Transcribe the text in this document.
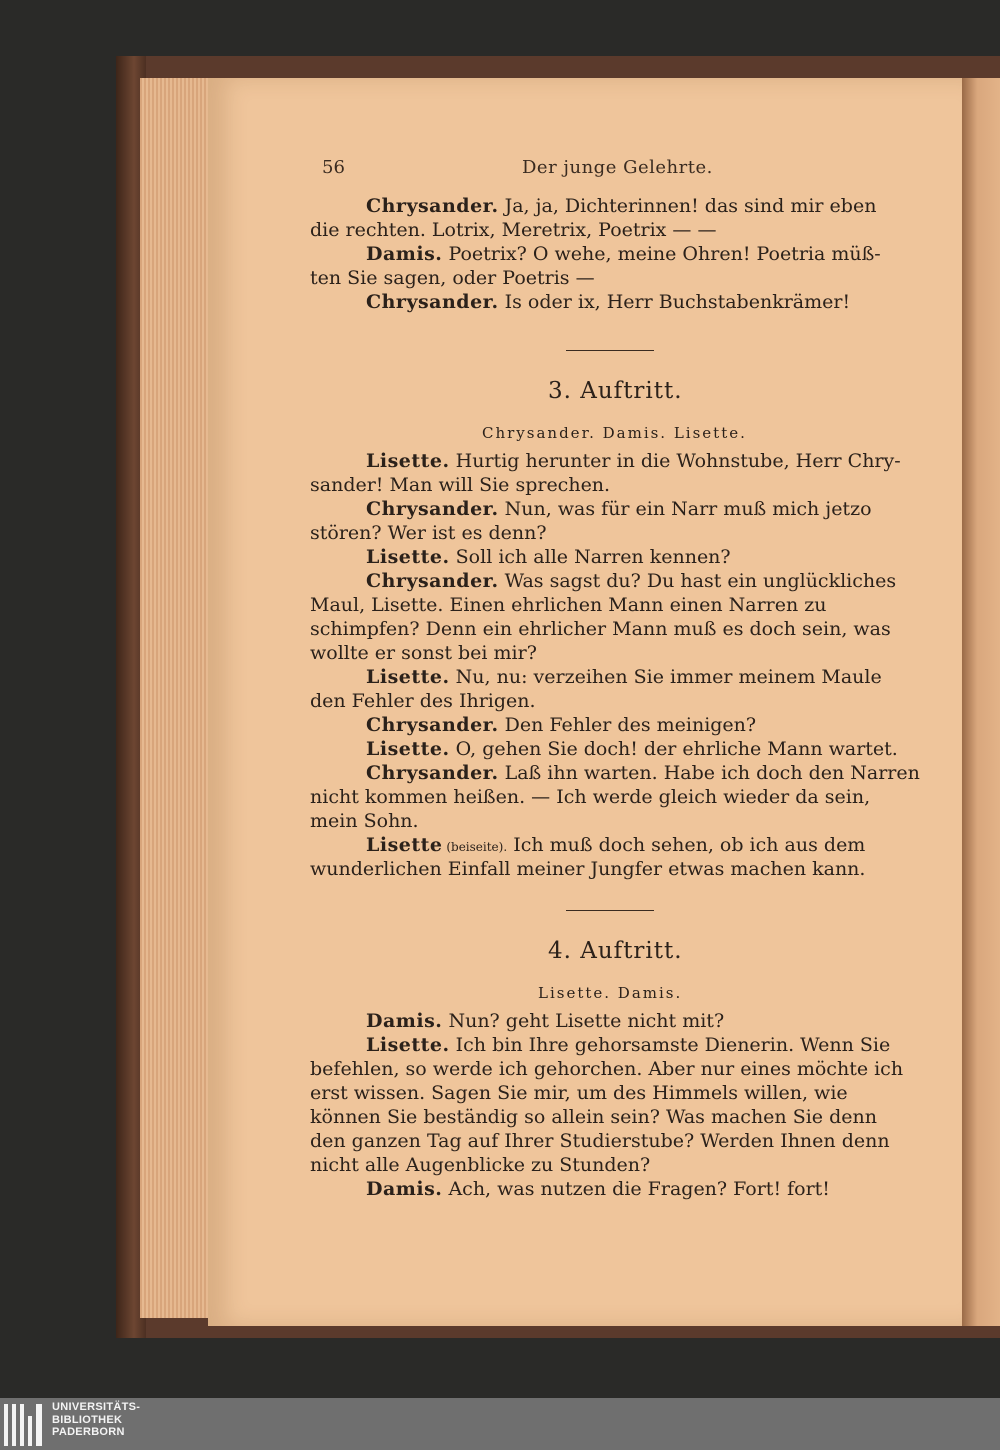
56	Der junge Gelehrte.
Chrysander. Ja, ja, Dichterinnen! das sind mir eben
die rechten. Lotrix, Meretrix, Poetrix — —
Damis. Poetrix? O wehe, meine Ohren! Poetria müß-
ten Sie sagen, oder Poetris —
Chrysander. Is oder ix, Herr Buchstabenkrämer!
3. Auftritt.
Chrysander. Damis. Lisette.
Lisette. Hurtig herunter in die Wohnstube, Herr Chry-
sander! Man will Sie sprechen.
Chrysander. Nun, was für ein Narr muß mich jetzo
stören? Wer ist es denn?
Lisette. Soll ich alle Narren kennen?
Chrysander. Was sagst du? Du hast ein unglückliches
Maul, Lisette. Einen ehrlichen Mann einen Narren zu
schimpfen? Denn ein ehrlicher Mann muß es doch sein, was
wollte er sonst bei mir?
Lisette. Nu, nu: verzeihen Sie immer meinem Maule
den Fehler des Ihrigen.
Chrysander. Den Fehler des meinigen?
Lisette. O, gehen Sie doch! der ehrliche Mann wartet.
Chrysander. Laß ihn warten. Habe ich doch den Narren
nicht kommen heißen. — Ich werde gleich wieder da sein,
mein Sohn.
Lisette (beiseite). Ich muß doch sehen, ob ich aus dem
wunderlichen Einfall meiner Jungfer etwas machen kann.
4. Auftritt.
Lisette. Damis.
Damis. Nun? geht Lisette nicht mit?
Lisette. Ich bin Ihre gehorsamste Dienerin. Wenn Sie
befehlen, so werde ich gehorchen. Aber nur eines möchte ich
erst wissen. Sagen Sie mir, um des Himmels willen, wie
können Sie beständig so allein sein? Was machen Sie denn
den ganzen Tag auf Ihrer Studierstube? Werden Ihnen denn
nicht alle Augenblicke zu Stunden?
Damis. Ach, was nutzen die Fragen? Fort! fort!
UNIVERSITÄTS-
BIBLIOTHEK
PADERBORN
